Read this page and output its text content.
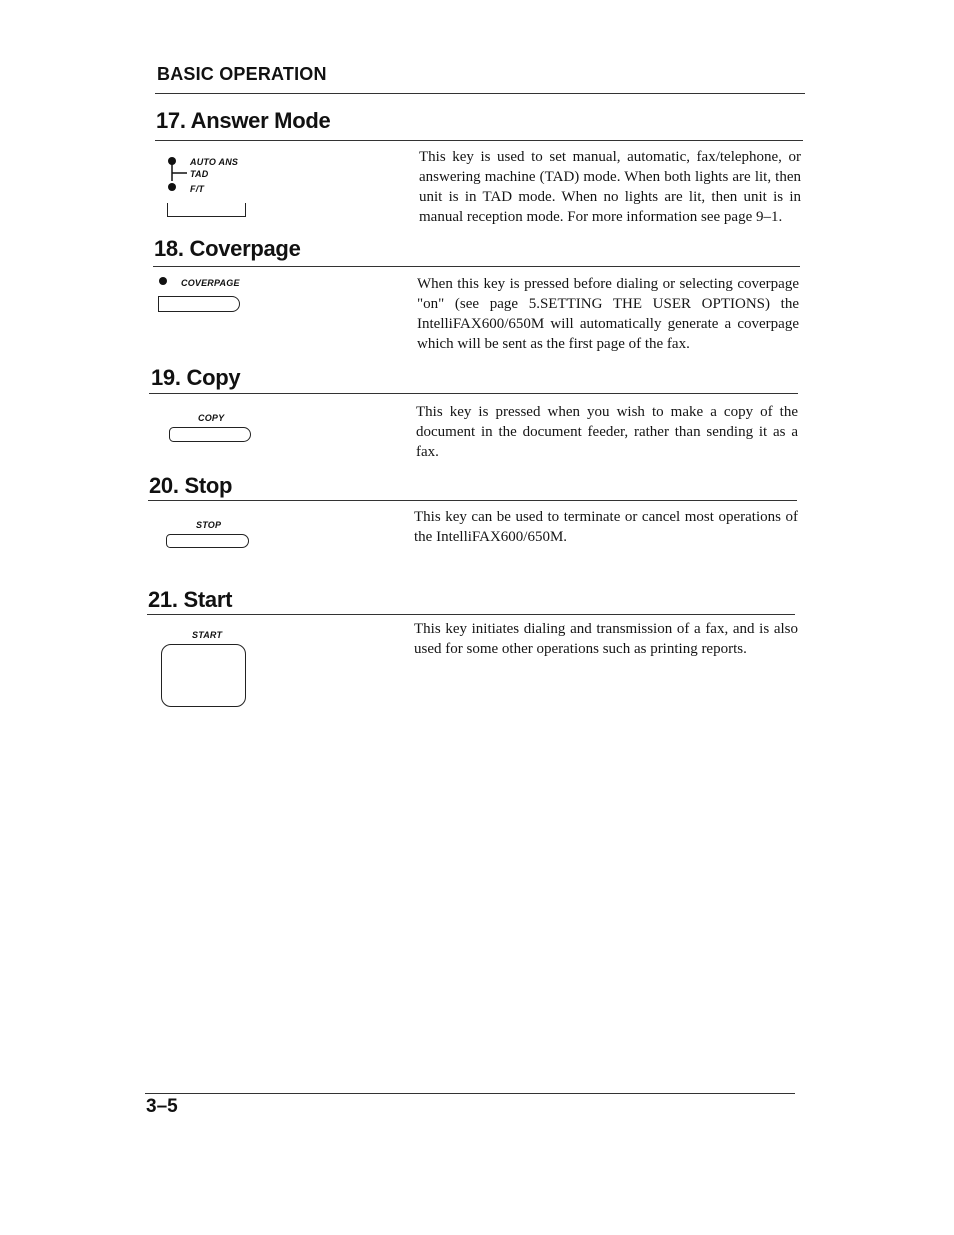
BASIC OPERATION
17. Answer Mode
AUTO ANS
TAD
F/T
This key is used to set manual, automatic, fax/telephone, or answering machine (TAD) mode. When both lights are lit, then unit is in TAD mode. When no lights are lit, then unit is in manual reception mode. For more information see page 9–1.
18. Coverpage
COVERPAGE	When this key is pressed before dialing or selecting coverpage "on" (see page 5.SETTING THE USER OPTIONS) the IntelliFAX600/650M will automatically generate a coverpage which will be sent as the first page of the fax.
19. Copy
COPY	This key is pressed when you wish to make a copy of the document in the document feeder, rather than sending it as a fax.
20. Stop
STOP	This key can be used to terminate or cancel most operations of the IntelliFAX600/650M.
21. Start
START	This key initiates dialing and transmission of a fax, and is also used for some other operations such as printing reports.
3–5
